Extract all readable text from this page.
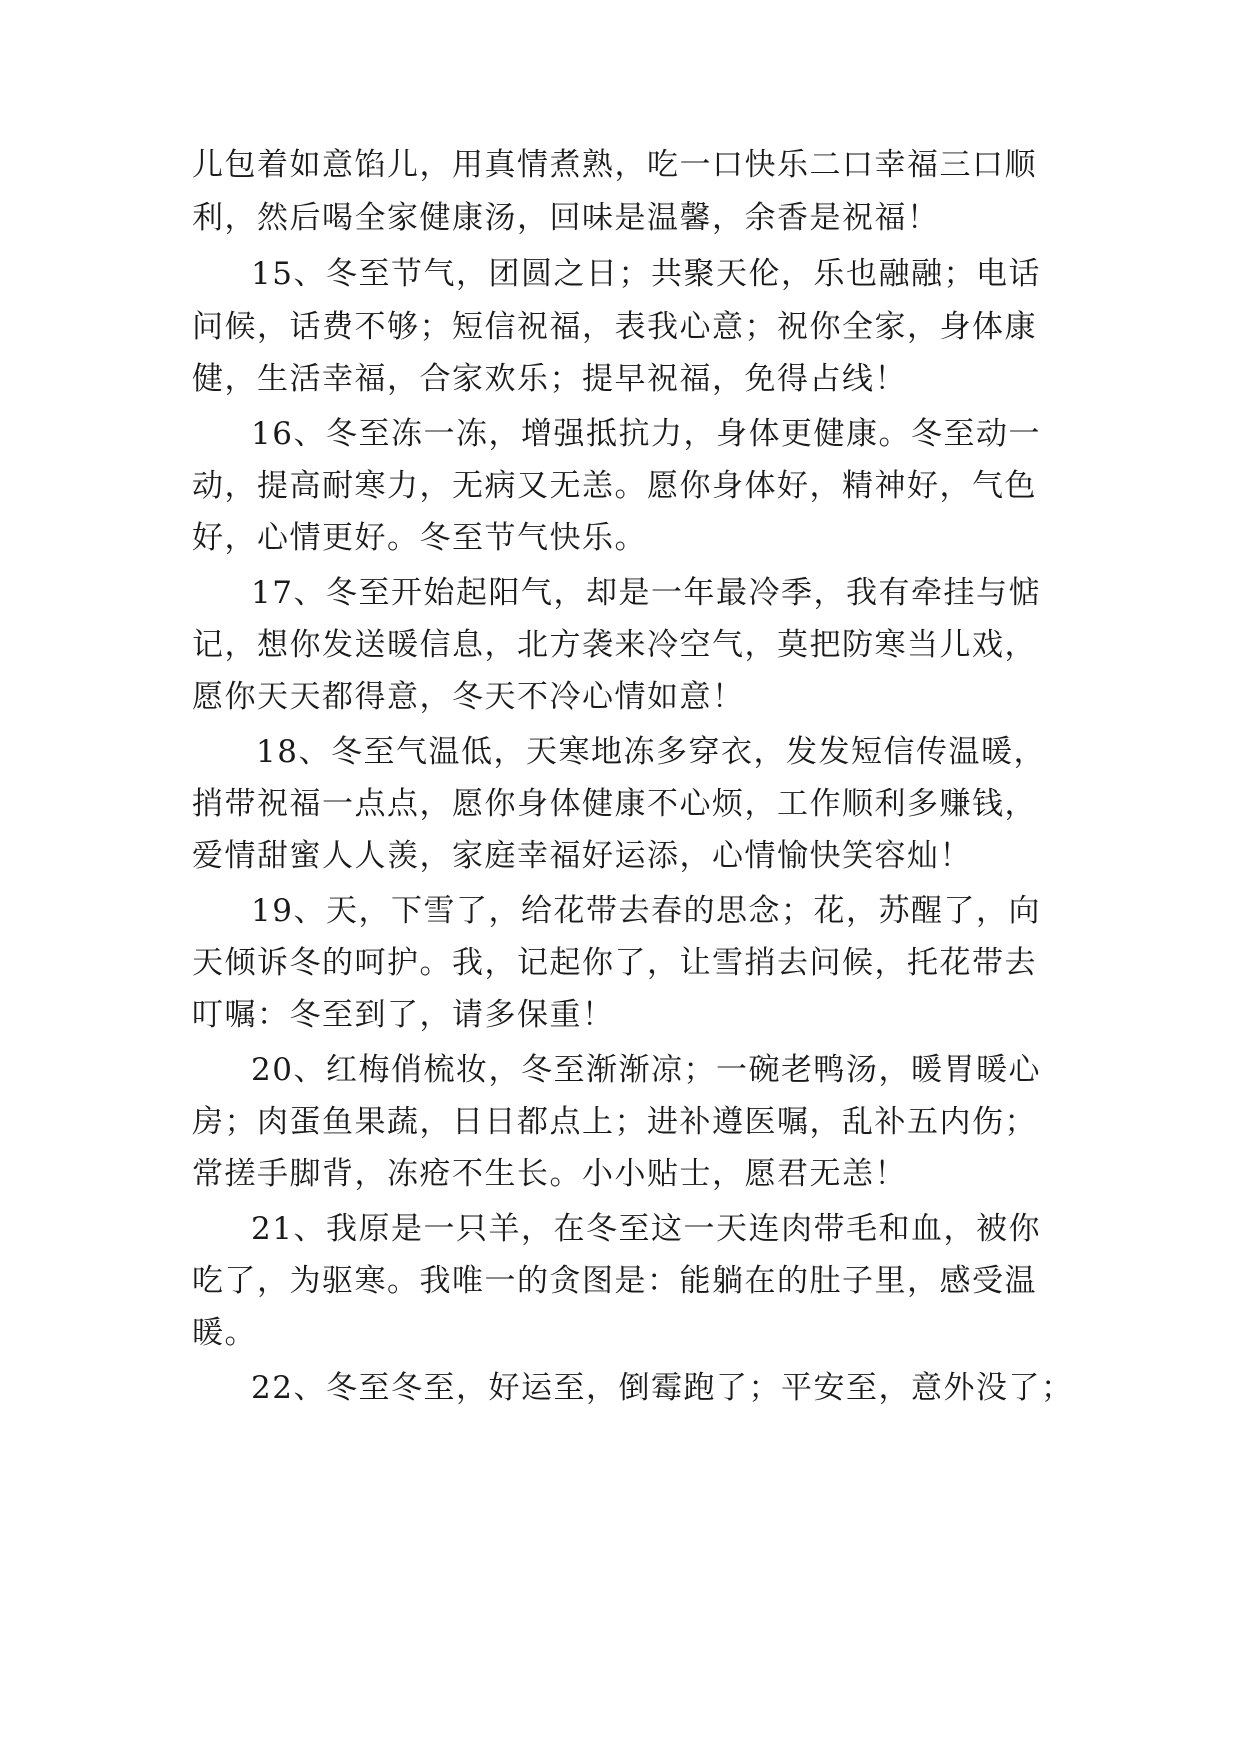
儿包着如意馅儿，用真情煮熟，吃一口快乐二口幸福三口顺
利，然后喝全家健康汤，回味是温馨，余香是祝福！
15、冬至节气，团圆之日；共聚天伦，乐也融融；电话
问候，话费不够；短信祝福，表我心意；祝你全家，身体康
健，生活幸福，合家欢乐；提早祝福，免得占线！
16、冬至冻一冻，增强抵抗力，身体更健康。冬至动一
动，提高耐寒力，无病又无恙。愿你身体好，精神好，气色
好，心情更好。冬至节气快乐。
17、冬至开始起阳气，却是一年最冷季，我有牵挂与惦
记，想你发送暖信息，北方袭来冷空气，莫把防寒当儿戏，
愿你天天都得意，冬天不冷心情如意！
18、冬至气温低，天寒地冻多穿衣，发发短信传温暖，
捎带祝福一点点，愿你身体健康不心烦，工作顺利多赚钱，
爱情甜蜜人人羡，家庭幸福好运添，心情愉快笑容灿！
19、天，下雪了，给花带去春的思念；花，苏醒了，向
天倾诉冬的呵护。我，记起你了，让雪捎去问候，托花带去
叮嘱：冬至到了，请多保重！
20、红梅俏梳妆，冬至渐渐凉；一碗老鸭汤，暖胃暖心
房；肉蛋鱼果蔬，日日都点上；进补遵医嘱，乱补五内伤；
常搓手脚背，冻疮不生长。小小贴士，愿君无恙！
21、我原是一只羊，在冬至这一天连肉带毛和血，被你
吃了，为驱寒。我唯一的贪图是：能躺在的肚子里，感受温
暖。
22、冬至冬至，好运至，倒霉跑了；平安至，意外没了；
